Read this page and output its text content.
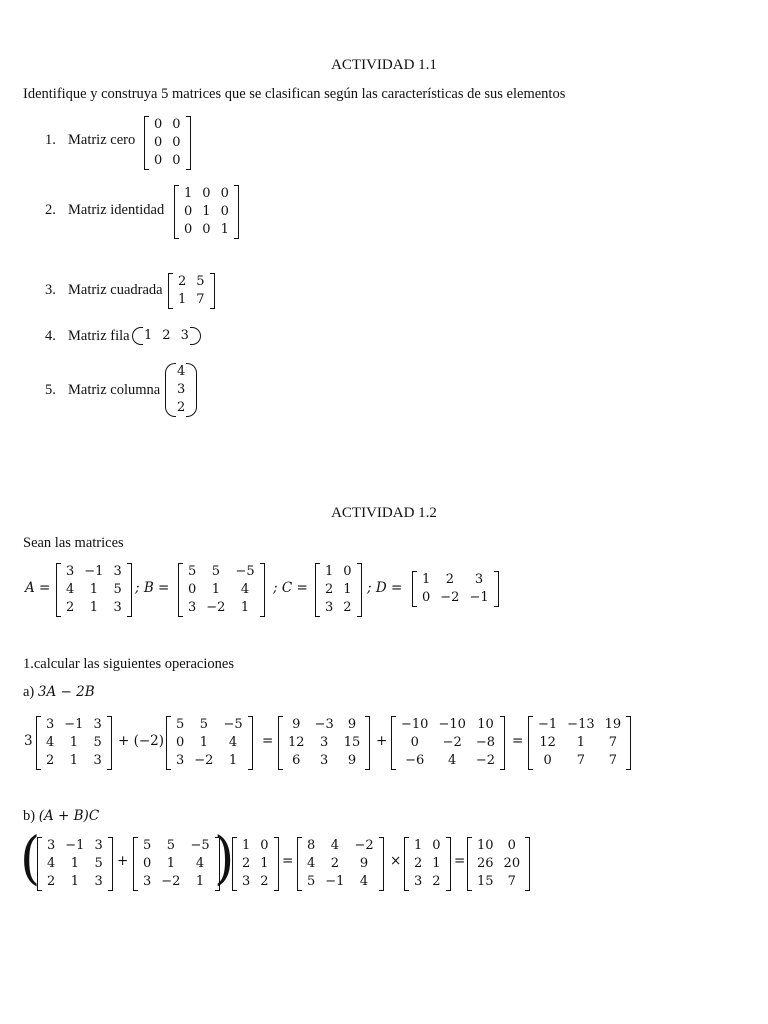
ACTIVIDAD 1.1
Identifique y construya 5 matrices que se clasifican según las características de sus elementos
1. Matriz cero
0	0
0	0
0	0
2. Matriz identidad
1	0	0
0	1	0
0	0	1
3. Matriz cuadrada
2	5
1	7
4. Matriz fila 1	2	3
5. Matriz columna
4
3
2
ACTIVIDAD 1.2
Sean las matrices
A =
3	−1	3
4	1	5
2	1	3
; B =
5	5	−5
0	1	4
3	−2	1
; C =
1	0
2	1
3	2
; D =
1	2	3
0	−2	−1
1.calcular las siguientes operaciones
a) 3A − 2B
3
3	−1	3
4	1	5
2	1	3
+ (−2)
5	5	−5
0	1	4
3	−2	1
=
9	−3	9
12	3	15
6	3	9
+
−10	−10	10
0	−2	−8
−6	4	−2
=
−1	−13	19
12	1	7
0	7	7
b) (A + B)C
( 3	−1	3
4	1	5
2	1	3
+
5	5	−5
0	1	4
3	−2	1 ) 1	0
2	1
3	2
=
8	4	−2
4	2	9
5	−1	4
×
1	0
2	1
3	2
=
10	0
26	20
15	7
